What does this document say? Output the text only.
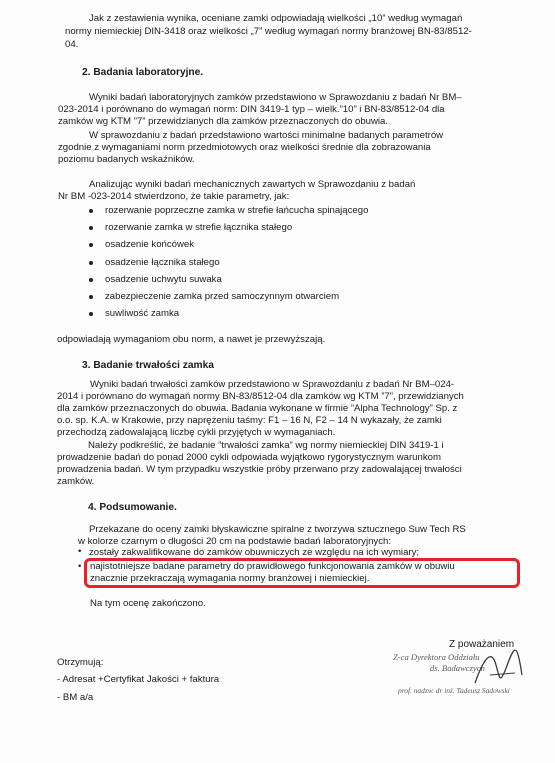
Jak z zestawienia wynika, oceniane zamki odpowiadają wielkości „10” według wymagań
normy niemieckiej DIN-3418 oraz wielkości „7” według wymagań normy branżowej BN-83/8512-
04.
2. Badania laboratoryjne.
Wyniki badań laboratoryjnych zamków przedstawiono w Sprawozdaniu z badań Nr BM–
023-2014 i porównano do wymagań norm: DIN 3419-1 typ – wielk.”10” i BN-83/8512-04 dla
zamków wg KTM ”7” przewidzianych dla zamków przeznaczonych do obuwia.
W sprawozdaniu z badań przedstawiono wartości minimalne badanych parametrów
zgodnie z wymaganiami norm przedmiotowych oraz wielkości średnie dla zobrazowania
poziomu badanych wskaźników.
Analizując wyniki badań mechanicznych zawartych w Sprawozdaniu z badań
Nr BM -023-2014 stwierdzono, że takie parametry, jak:
rozerwanie poprzeczne zamka w strefie łańcucha spinającego
rozerwanie zamka w strefie łącznika stałego
osadzenie końcówek
osadzenie łącznika stałego
osadzenie uchwytu suwaka
zabezpieczenie zamka przed samoczynnym otwarciem
suwliwość zamka
odpowiadają wymaganiom obu norm, a nawet je przewyższają.
3. Badanie trwałości zamka
Wyniki badań trwałości zamków przedstawiono w Sprawozdaniu z badań Nr BM–024-
2014 i porównano do wymagań normy BN-83/8512-04 dla zamków wg KTM ”7”, przewidzianych
dla zamków przeznaczonych do obuwia. Badania wykonane w firmie ”Alpha Technology” Sp. z
o.o. sp. K.A. w Krakowie, przy naprężeniu taśmy: F1 – 16 N, F2 – 14 N wykazały, że zamki
przechodzą zadowalającą liczbę cykli przyjętych w wymaganiach.
Należy podkreślić, że badanie ”trwałości zamka” wg normy niemieckiej DIN 3419-1 i
prowadzenie badań do ponad 2000 cykli odpowiada wyjątkowo rygorystycznym warunkom
prowadzenia badań. W tym przypadku wszystkie próby przerwano przy zadowalającej trwałości
zamków.
4. Podsumowanie.
Przekazane do oceny zamki błyskawiczne spiralne z tworzywa sztucznego Suw Tech RS
w kolorze czarnym o długości 20 cm na podstawie badań laboratoryjnych:
• zostały zakwalifikowane do zamków obuwniczych ze względu na ich wymiary;
• najistotniejsze badane parametry do prawidłowego funkcjonowania zamków w obuwiu
znacznie przekraczają wymagania normy branżowej i niemieckiej.
Na tym ocenę zakończono.
Z poważaniem
Z-ca Dyrektora Oddziału
ds. Badawczych
prof. nadzw. dr inż. Tadeusz Sadowski
Otrzymują:
- Adresat +Certyfikat Jakości + faktura
- BM a/a
